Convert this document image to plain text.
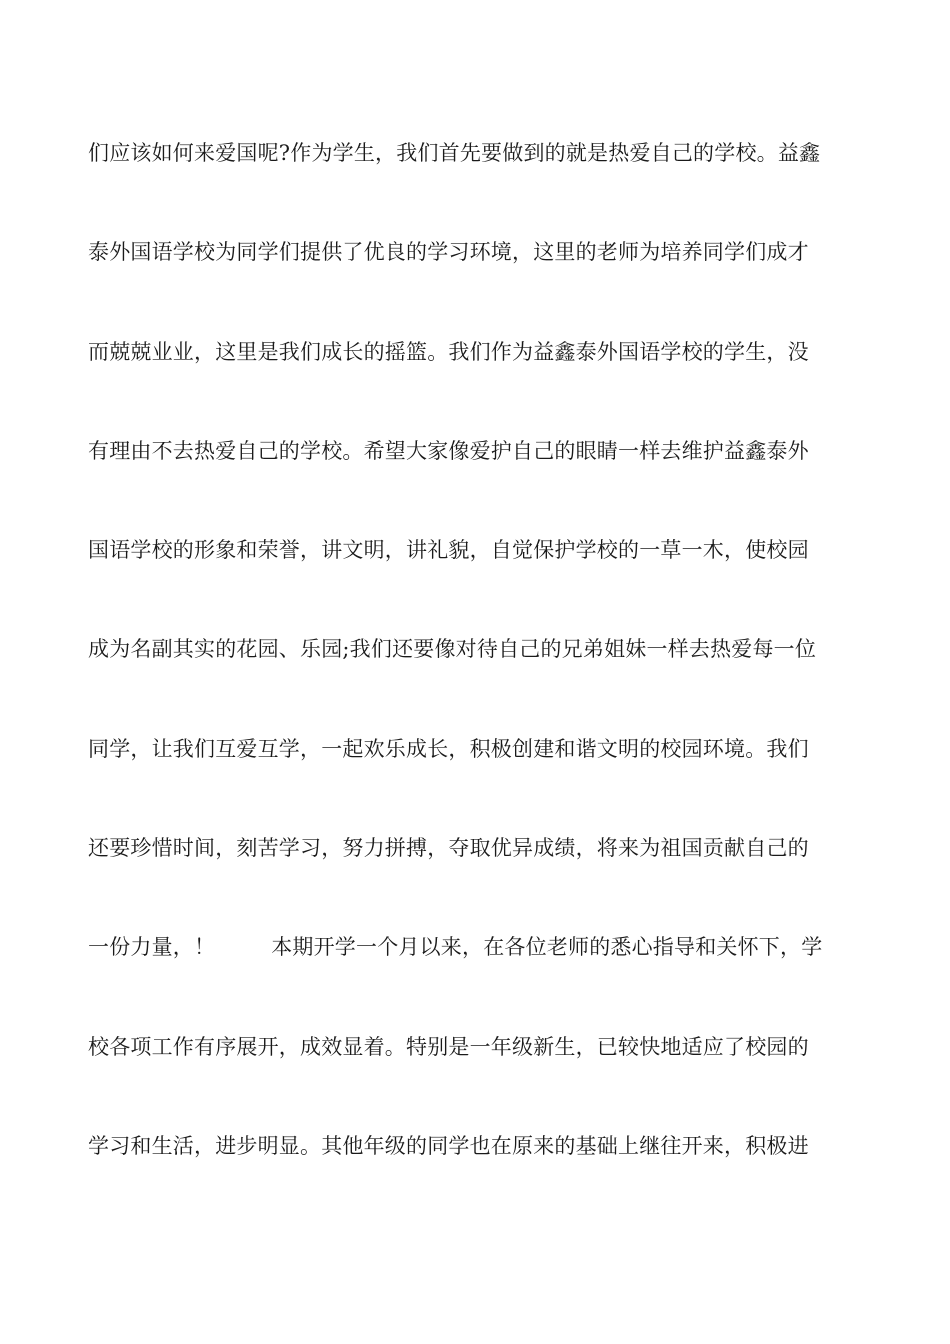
们应该如何来爱国呢?作为学生，我们首先要做到的就是热爱自己的学校。益鑫
泰外国语学校为同学们提供了优良的学习环境，这里的老师为培养同学们成才
而兢兢业业，这里是我们成长的摇篮。我们作为益鑫泰外国语学校的学生，没
有理由不去热爱自己的学校。希望大家像爱护自己的眼睛一样去维护益鑫泰外
国语学校的形象和荣誉，讲文明，讲礼貌，自觉保护学校的一草一木，使校园
成为名副其实的花园、乐园;我们还要像对待自己的兄弟姐妹一样去热爱每一位
同学，让我们互爱互学，一起欢乐成长，积极创建和谐文明的校园环境。我们
还要珍惜时间，刻苦学习，努力拼搏，夺取优异成绩，将来为祖国贡献自己的
一份力量，！	本期开学一个月以来，在各位老师的悉心指导和关怀下，学
校各项工作有序展开，成效显着。特别是一年级新生，已较快地适应了校园的
学习和生活，进步明显。其他年级的同学也在原来的基础上继往开来，积极进
